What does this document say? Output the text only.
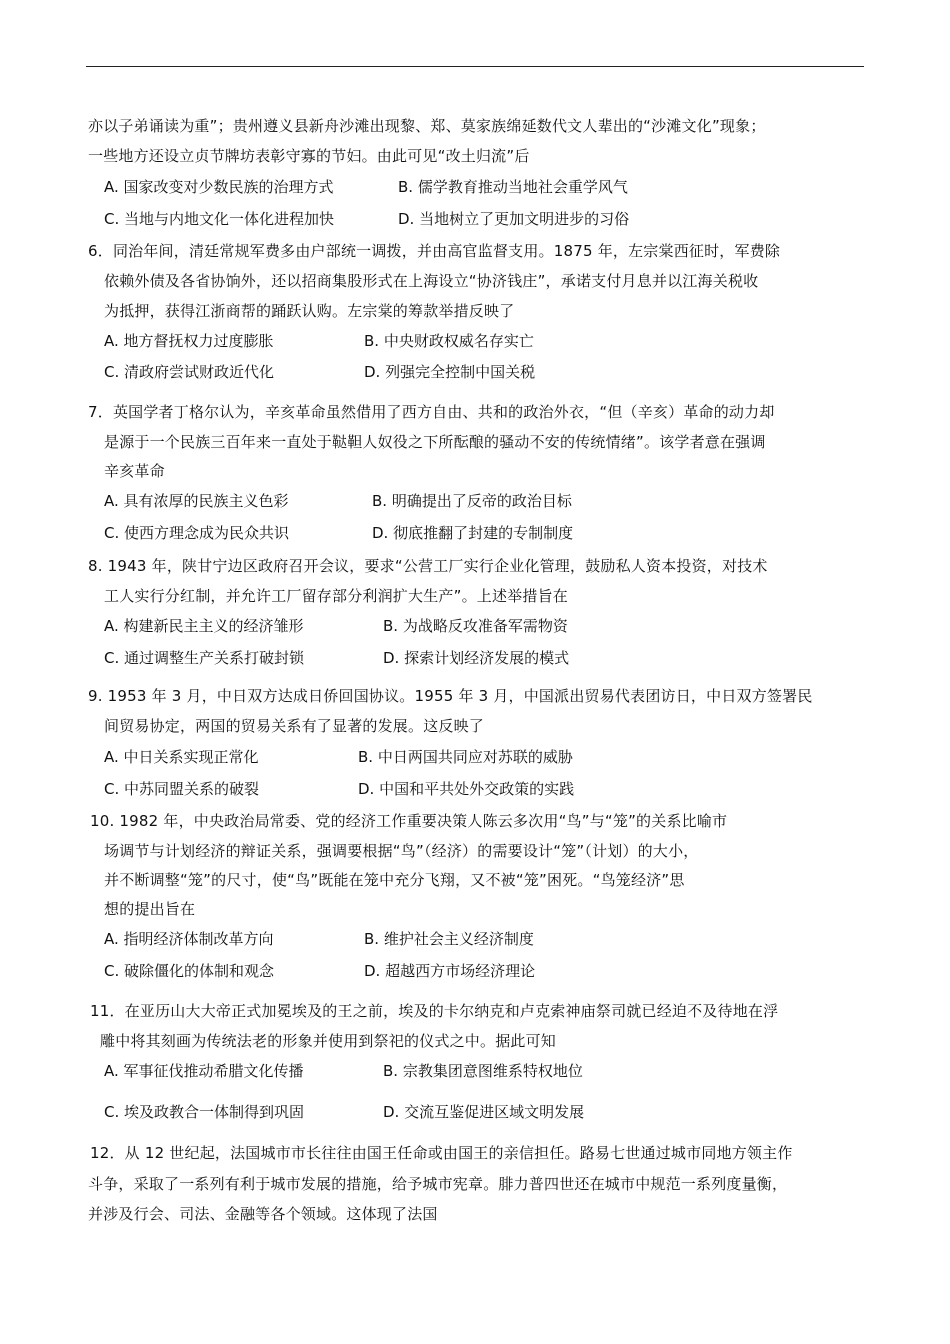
亦以子弟诵读为重”；贵州遵义县新舟沙滩出现黎、郑、莫家族绵延数代文人辈出的“沙滩文化”现象；
一些地方还设立贞节牌坊表彰守寡的节妇。由此可见“改土归流”后
A. 国家改变对少数民族的治理方式	B. 儒学教育推动当地社会重学风气
C. 当地与内地文化一体化进程加快	D. 当地树立了更加文明进步的习俗
6．同治年间，清廷常规军费多由户部统一调拨，并由高官监督支用。1875 年，左宗棠西征时，军费除
依赖外债及各省协饷外，还以招商集股形式在上海设立“协济钱庄”，承诺支付月息并以江海关税收
为抵押，获得江浙商帮的踊跃认购。左宗棠的筹款举措反映了
A. 地方督抚权力过度膨胀	B. 中央财政权威名存实亡
C. 清政府尝试财政近代化	D. 列强完全控制中国关税
7．英国学者丁格尔认为，辛亥革命虽然借用了西方自由、共和的政治外衣，“但（辛亥）革命的动力却
是源于一个民族三百年来一直处于鞑靼人奴役之下所酝酿的骚动不安的传统情绪”。该学者意在强调
辛亥革命
A. 具有浓厚的民族主义色彩	B. 明确提出了反帝的政治目标
C. 使西方理念成为民众共识	D. 彻底推翻了封建的专制制度
8. 1943 年，陕甘宁边区政府召开会议，要求“公营工厂实行企业化管理，鼓励私人资本投资，对技术
工人实行分红制，并允许工厂留存部分利润扩大生产”。上述举措旨在
A. 构建新民主主义的经济雏形	B. 为战略反攻准备军需物资
C. 通过调整生产关系打破封锁	D. 探索计划经济发展的模式
9. 1953 年 3 月，中日双方达成日侨回国协议。1955 年 3 月，中国派出贸易代表团访日，中日双方签署民
间贸易协定，两国的贸易关系有了显著的发展。这反映了
A. 中日关系实现正常化	B. 中日两国共同应对苏联的威胁
C. 中苏同盟关系的破裂	D. 中国和平共处外交政策的实践
10. 1982 年，中央政治局常委、党的经济工作重要决策人陈云多次用“鸟”与“笼”的关系比喻市
场调节与计划经济的辩证关系，强调要根据“鸟”（经济）的需要设计“笼”（计划）的大小，
并不断调整“笼”的尺寸，使“鸟”既能在笼中充分飞翔，又不被“笼”困死。“鸟笼经济”思
想的提出旨在
A. 指明经济体制改革方向	B. 维护社会主义经济制度
C. 破除僵化的体制和观念	D. 超越西方市场经济理论
11．在亚历山大大帝正式加冕埃及的王之前，埃及的卡尔纳克和卢克索神庙祭司就已经迫不及待地在浮
雕中将其刻画为传统法老的形象并使用到祭祀的仪式之中。据此可知
A. 军事征伐推动希腊文化传播	B. 宗教集团意图维系特权地位
C. 埃及政教合一体制得到巩固	D. 交流互鉴促进区域文明发展
12．从 12 世纪起，法国城市市长往往由国王任命或由国王的亲信担任。路易七世通过城市同地方领主作
斗争，采取了一系列有利于城市发展的措施，给予城市宪章。腓力普四世还在城市中规范一系列度量衡，
并涉及行会、司法、金融等各个领域。这体现了法国
